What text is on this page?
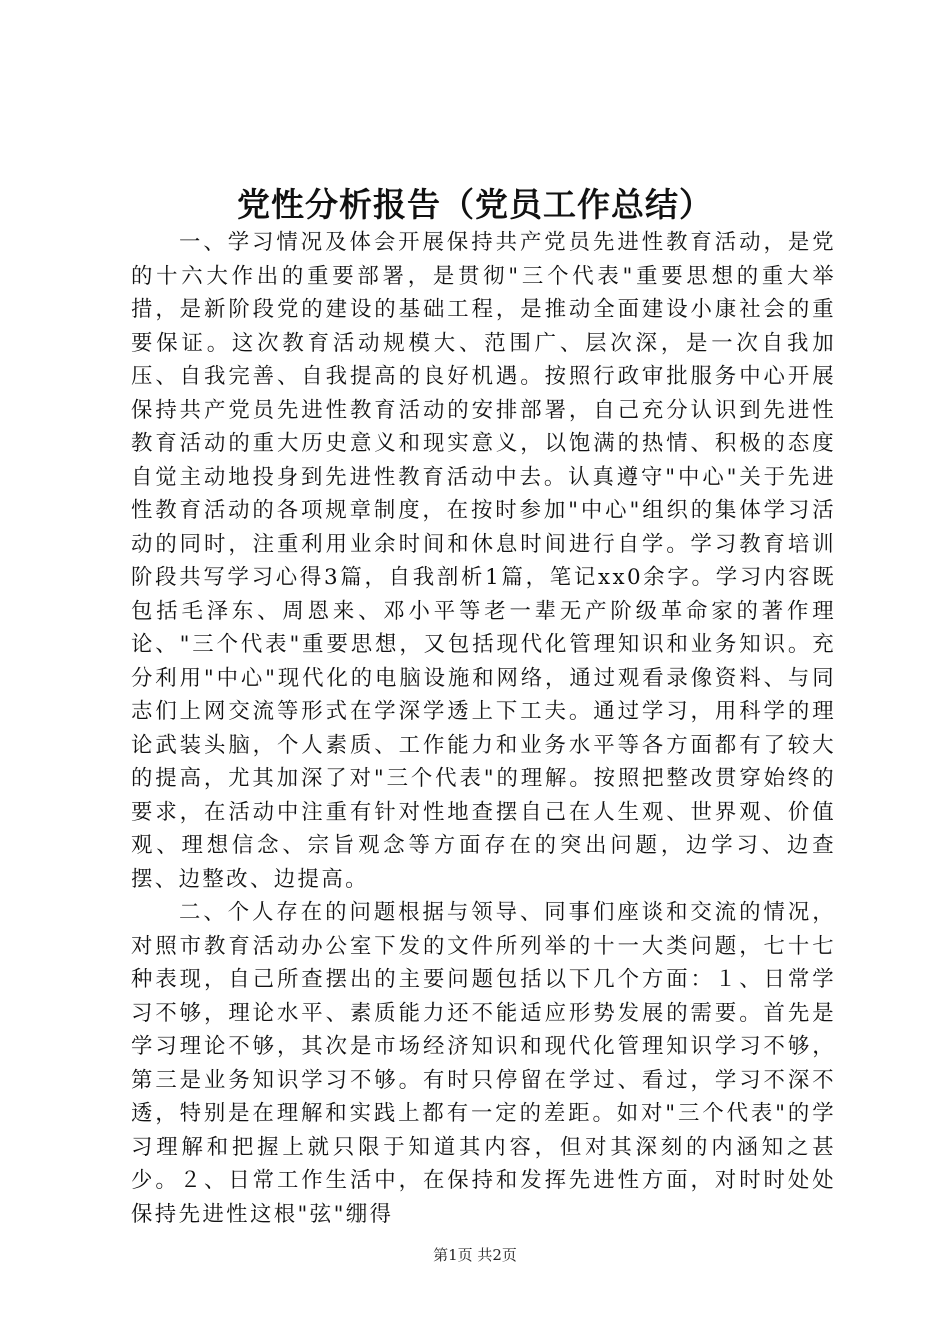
党性分析报告（党员工作总结）

一、学习情况及体会开展保持共产党员先进性教育活动，是党的十六大作出的重要部署，是贯彻"三个代表"重要思想的重大举措，是新阶段党的建设的基础工程，是推动全面建设小康社会的重要保证。这次教育活动规模大、范围广、层次深，是一次自我加压、自我完善、自我提高的良好机遇。按照行政审批服务中心开展保持共产党员先进性教育活动的安排部署，自己充分认识到先进性教育活动的重大历史意义和现实意义，以饱满的热情、积极的态度自觉主动地投身到先进性教育活动中去。认真遵守"中心"关于先进性教育活动的各项规章制度，在按时参加"中心"组织的集体学习活动的同时，注重利用业余时间和休息时间进行自学。学习教育培训阶段共写学习心得3篇，自我剖析1篇，笔记xx0余字。学习内容既包括毛泽东、周恩来、邓小平等老一辈无产阶级革命家的著作理论、"三个代表"重要思想，又包括现代化管理知识和业务知识。充分利用"中心"现代化的电脑设施和网络，通过观看录像资料、与同志们上网交流等形式在学深学透上下工夫。通过学习，用科学的理论武装头脑，个人素质、工作能力和业务水平等各方面都有了较大的提高，尤其加深了对"三个代表"的理解。按照把整改贯穿始终的要求，在活动中注重有针对性地查摆自己在人生观、世界观、价值观、理想信念、宗旨观念等方面存在的突出问题，边学习、边查摆、边整改、边提高。

二、个人存在的问题根据与领导、同事们座谈和交流的情况，对照市教育活动办公室下发的文件所列举的十一大类问题，七十七种表现，自己所查摆出的主要问题包括以下几个方面：１、日常学习不够，理论水平、素质能力还不能适应形势发展的需要。首先是学习理论不够，其次是市场经济知识和现代化管理知识学习不够，第三是业务知识学习不够。有时只停留在学过、看过，学习不深不透，特别是在理解和实践上都有一定的差距。如对"三个代表"的学习理解和把握上就只限于知道其内容，但对其深刻的内涵知之甚少。２、日常工作生活中，在保持和发挥先进性方面，对时时处处保持先进性这根"弦"绷得

第1页 共2页
